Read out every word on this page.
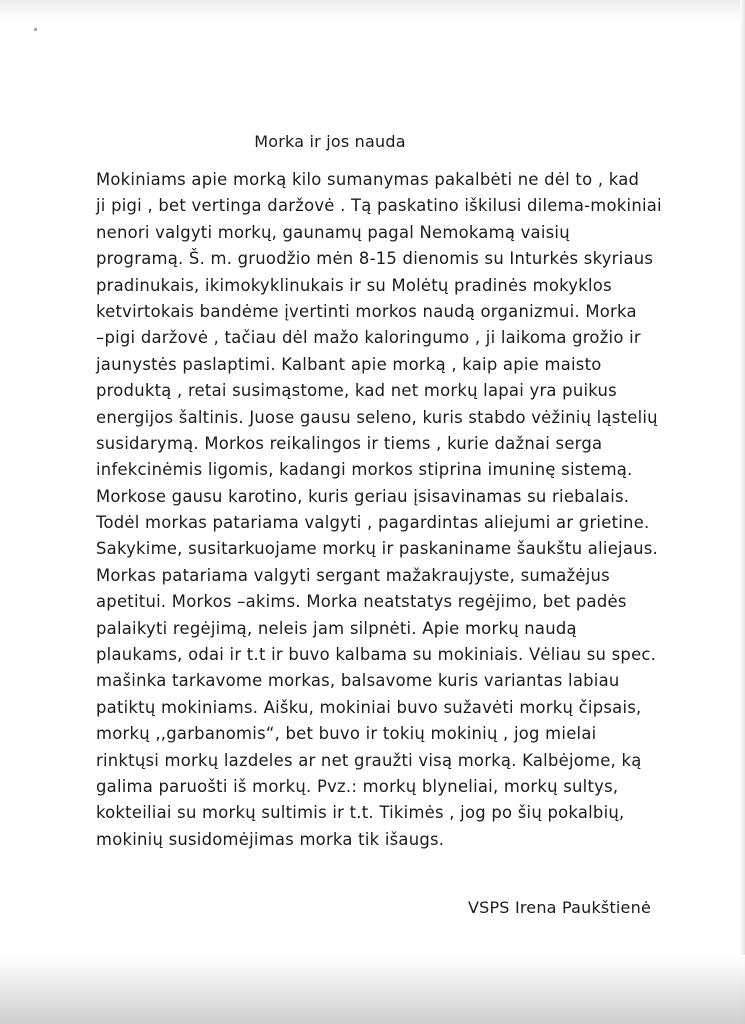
Morka ir jos nauda
Mokiniams apie morką kilo sumanymas pakalbėti ne dėl to , kad
ji pigi , bet vertinga daržovė . Tą paskatino iškilusi dilema-mokiniai
nenori valgyti morkų, gaunamų pagal Nemokamą vaisių
programą. Š. m. gruodžio mėn 8-15 dienomis su Inturkės skyriaus
pradinukais, ikimokyklinukais ir su Molėtų pradinės mokyklos
ketvirtokais bandėme įvertinti morkos naudą organizmui. Morka
–pigi daržovė , tačiau dėl mažo kaloringumo , ji laikoma grožio ir
jaunystės paslaptimi. Kalbant apie morką , kaip apie maisto
produktą , retai susimąstome, kad net morkų lapai yra puikus
energijos šaltinis. Juose gausu seleno, kuris stabdo vėžinių ląstelių
susidarymą. Morkos reikalingos ir tiems , kurie dažnai serga
infekcinėmis ligomis, kadangi morkos stiprina imuninę sistemą.
Morkose gausu karotino, kuris geriau įsisavinamas su riebalais.
Todėl morkas patariama valgyti , pagardintas aliejumi ar grietine.
Sakykime, susitarkuojame morkų ir paskaniname šaukštu aliejaus.
Morkas patariama valgyti sergant mažakraujyste, sumažėjus
apetitui. Morkos –akims. Morka neatstatys regėjimo, bet padės
palaikyti regėjimą, neleis jam silpnėti. Apie morkų naudą
plaukams, odai ir t.t ir buvo kalbama su mokiniais. Vėliau su spec.
mašinka tarkavome morkas, balsavome kuris variantas labiau
patiktų mokiniams. Aišku, mokiniai buvo sužavėti morkų čipsais,
morkų ,,garbanomis“, bet buvo ir tokių mokinių , jog mielai
rinktųsi morkų lazdeles ar net graužti visą morką. Kalbėjome, ką
galima paruošti iš morkų. Pvz.: morkų blyneliai, morkų sultys,
kokteiliai su morkų sultimis ir t.t. Tikimės , jog po šių pokalbių,
mokinių susidomėjimas morka tik išaugs.
VSPS Irena Paukštienė
